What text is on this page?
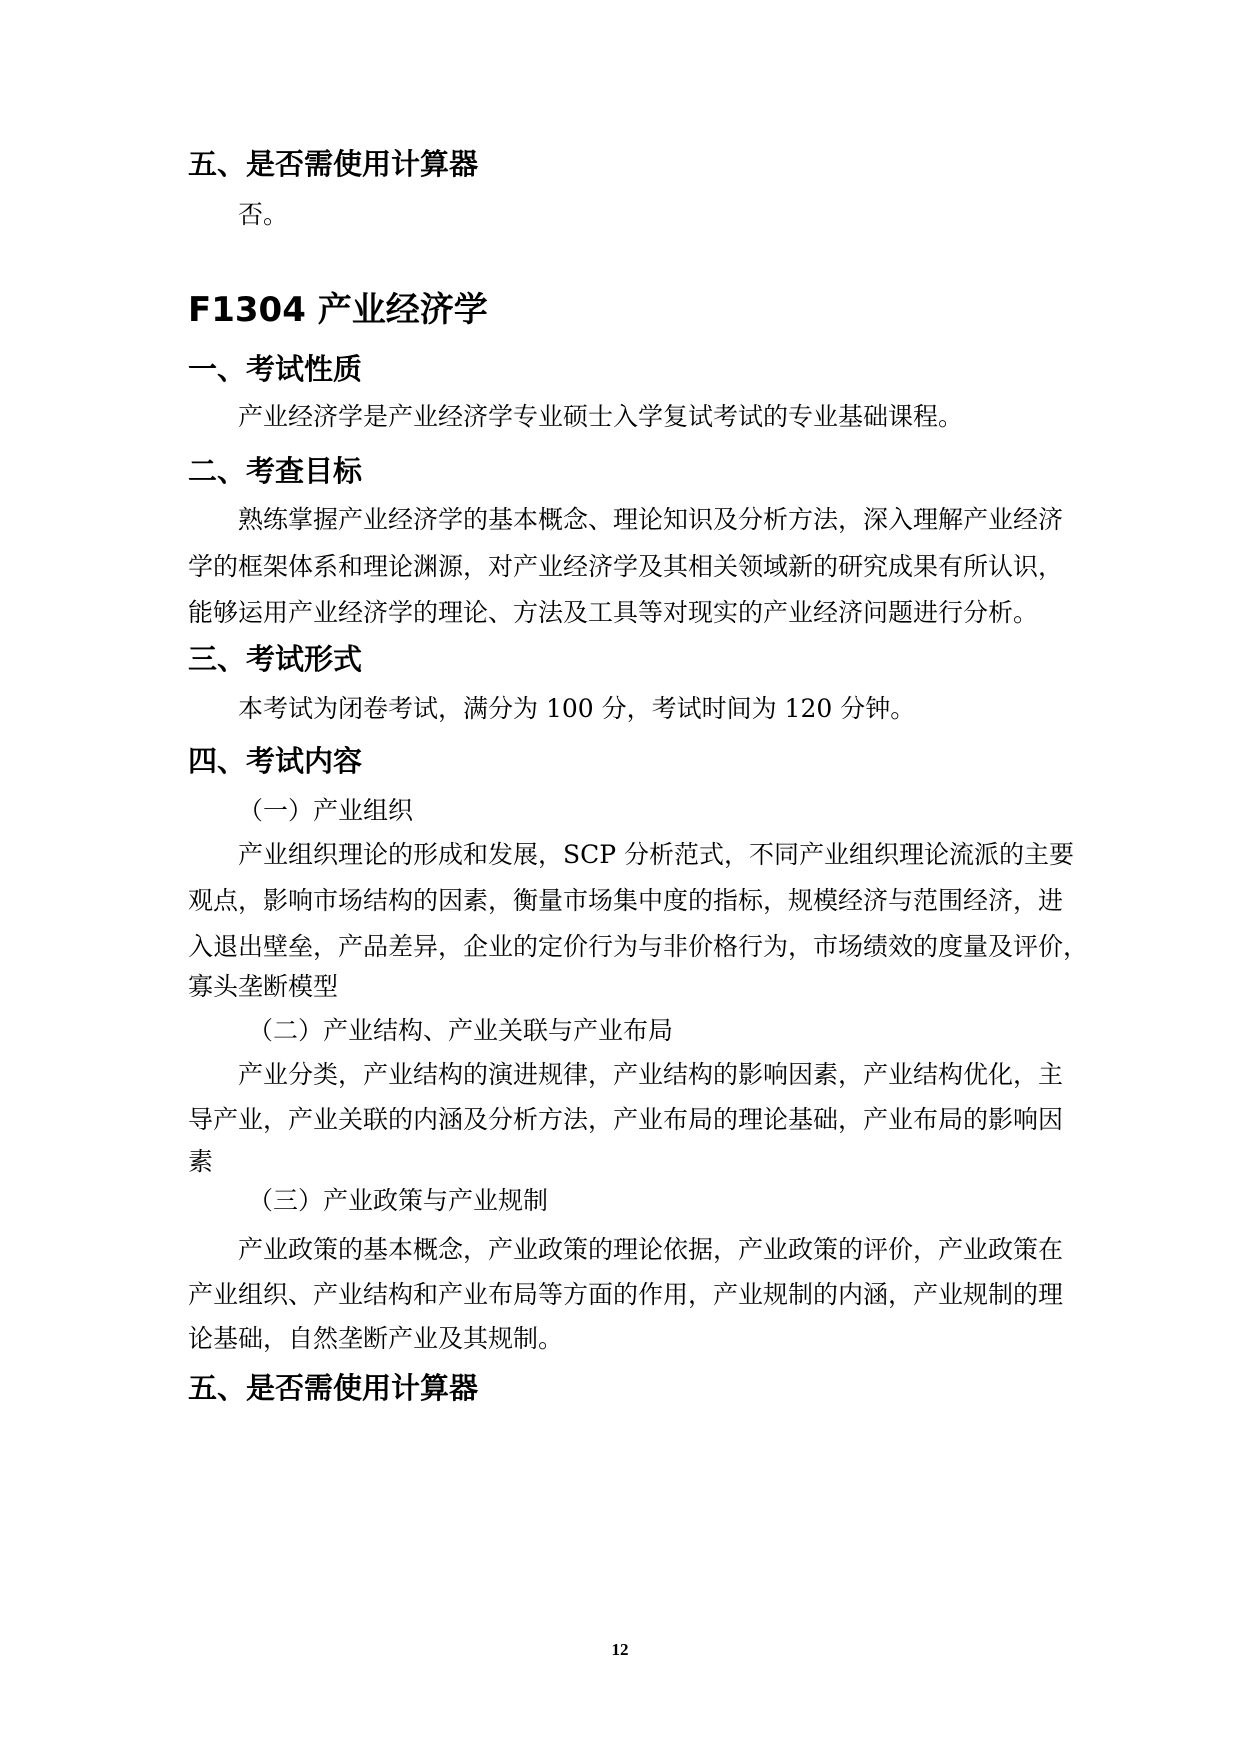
五、是否需使用计算器
否。
F1304 产业经济学
一、考试性质
产业经济学是产业经济学专业硕士入学复试考试的专业基础课程。
二、考查目标
熟练掌握产业经济学的基本概念、理论知识及分析方法，深入理解产业经济
学的框架体系和理论渊源，对产业经济学及其相关领域新的研究成果有所认识，
能够运用产业经济学的理论、方法及工具等对现实的产业经济问题进行分析。
三、考试形式
本考试为闭卷考试，满分为 100 分，考试时间为 120 分钟。
四、考试内容
（一）产业组织
产业组织理论的形成和发展，SCP 分析范式，不同产业组织理论流派的主要
观点，影响市场结构的因素，衡量市场集中度的指标，规模经济与范围经济，进
入退出壁垒，产品差异，企业的定价行为与非价格行为，市场绩效的度量及评价，
寡头垄断模型
（二）产业结构、产业关联与产业布局
产业分类，产业结构的演进规律，产业结构的影响因素，产业结构优化，主
导产业，产业关联的内涵及分析方法，产业布局的理论基础，产业布局的影响因
素
（三）产业政策与产业规制
产业政策的基本概念，产业政策的理论依据，产业政策的评价，产业政策在
产业组织、产业结构和产业布局等方面的作用，产业规制的内涵，产业规制的理
论基础，自然垄断产业及其规制。
五、是否需使用计算器
12
